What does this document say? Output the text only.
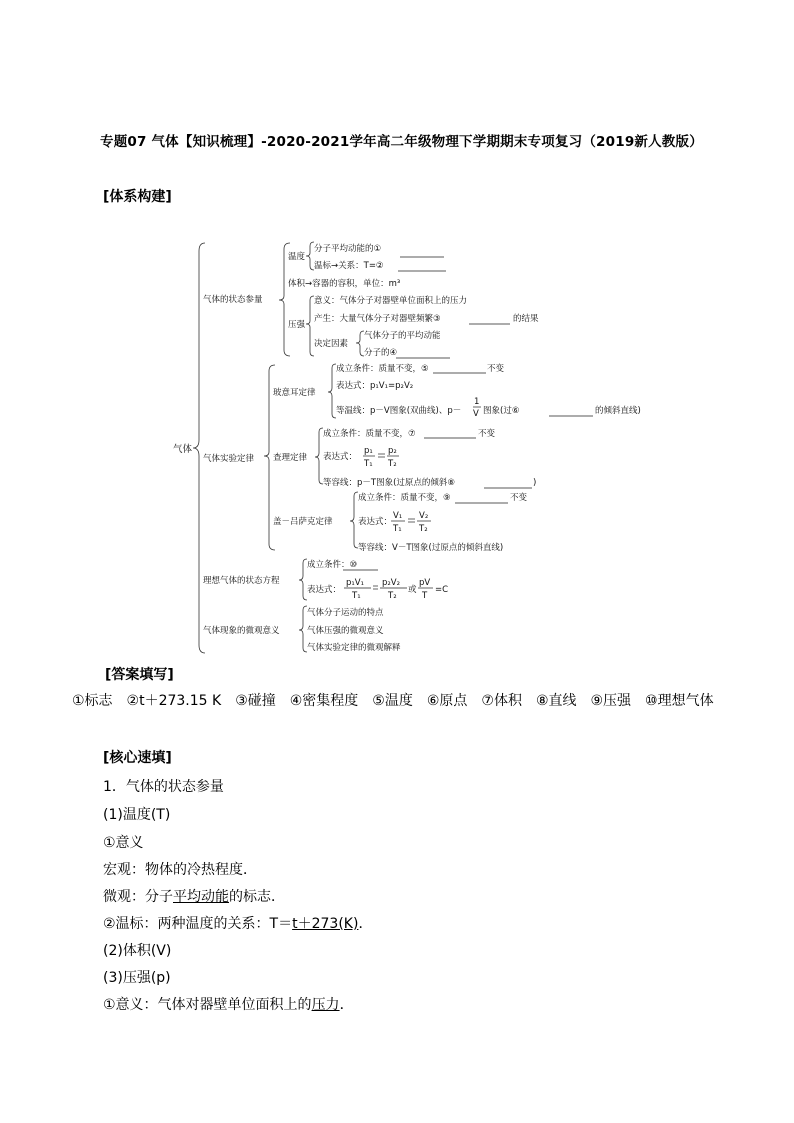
专题07 气体【知识梳理】-2020-2021学年高二年级物理下学期期末专项复习（2019新人教版）
[体系构建]
气体
气体的状态参量
气体实验定律
理想气体的状态方程
气体现象的微观意义
温度
分子平均动能的①
温标→关系：T=②
体积→容器的容积，单位：m³
压强
意义：气体分子对器壁单位面积上的压力
产生：大量气体分子对器壁频繁③	的结果
决定因素
气体分子的平均动能
分子的④
玻意耳定律
成立条件：质量不变，⑤	不变
表达式：p₁V₁=p₂V₂
等温线：p－V图象(双曲线)、p－
1
V 图象(过⑥	的倾斜直线)
查理定律
成立条件：质量不变，⑦	不变
表达式：
p₁
T₁
p₂
T₂
等容线：p－T图象(过原点的倾斜⑧	)
盖－吕萨克定律
成立条件：质量不变，⑨	不变
表达式：
V₁
T₁
V₂
T₂
等容线：V－T图象(过原点的倾斜直线)
成立条件：⑩
表达式：
p₁V₁
T₁
p₂V₂
T₂
或
pV
T
=C
气体分子运动的特点
气体压强的微观意义
气体实验定律的微观解释
[答案填写]
①标志　②t＋273.15 K　③碰撞　④密集程度　⑤温度　⑥原点　⑦体积　⑧直线　⑨压强　⑩理想气体
[核心速填]
1．气体的状态参量
(1)温度(T)
①意义
宏观：物体的冷热程度．
微观：分子平均动能的标志．
②温标：两种温度的关系：T＝t＋273(K)．
(2)体积(V)
(3)压强(p)
①意义：气体对器壁单位面积上的压力．
